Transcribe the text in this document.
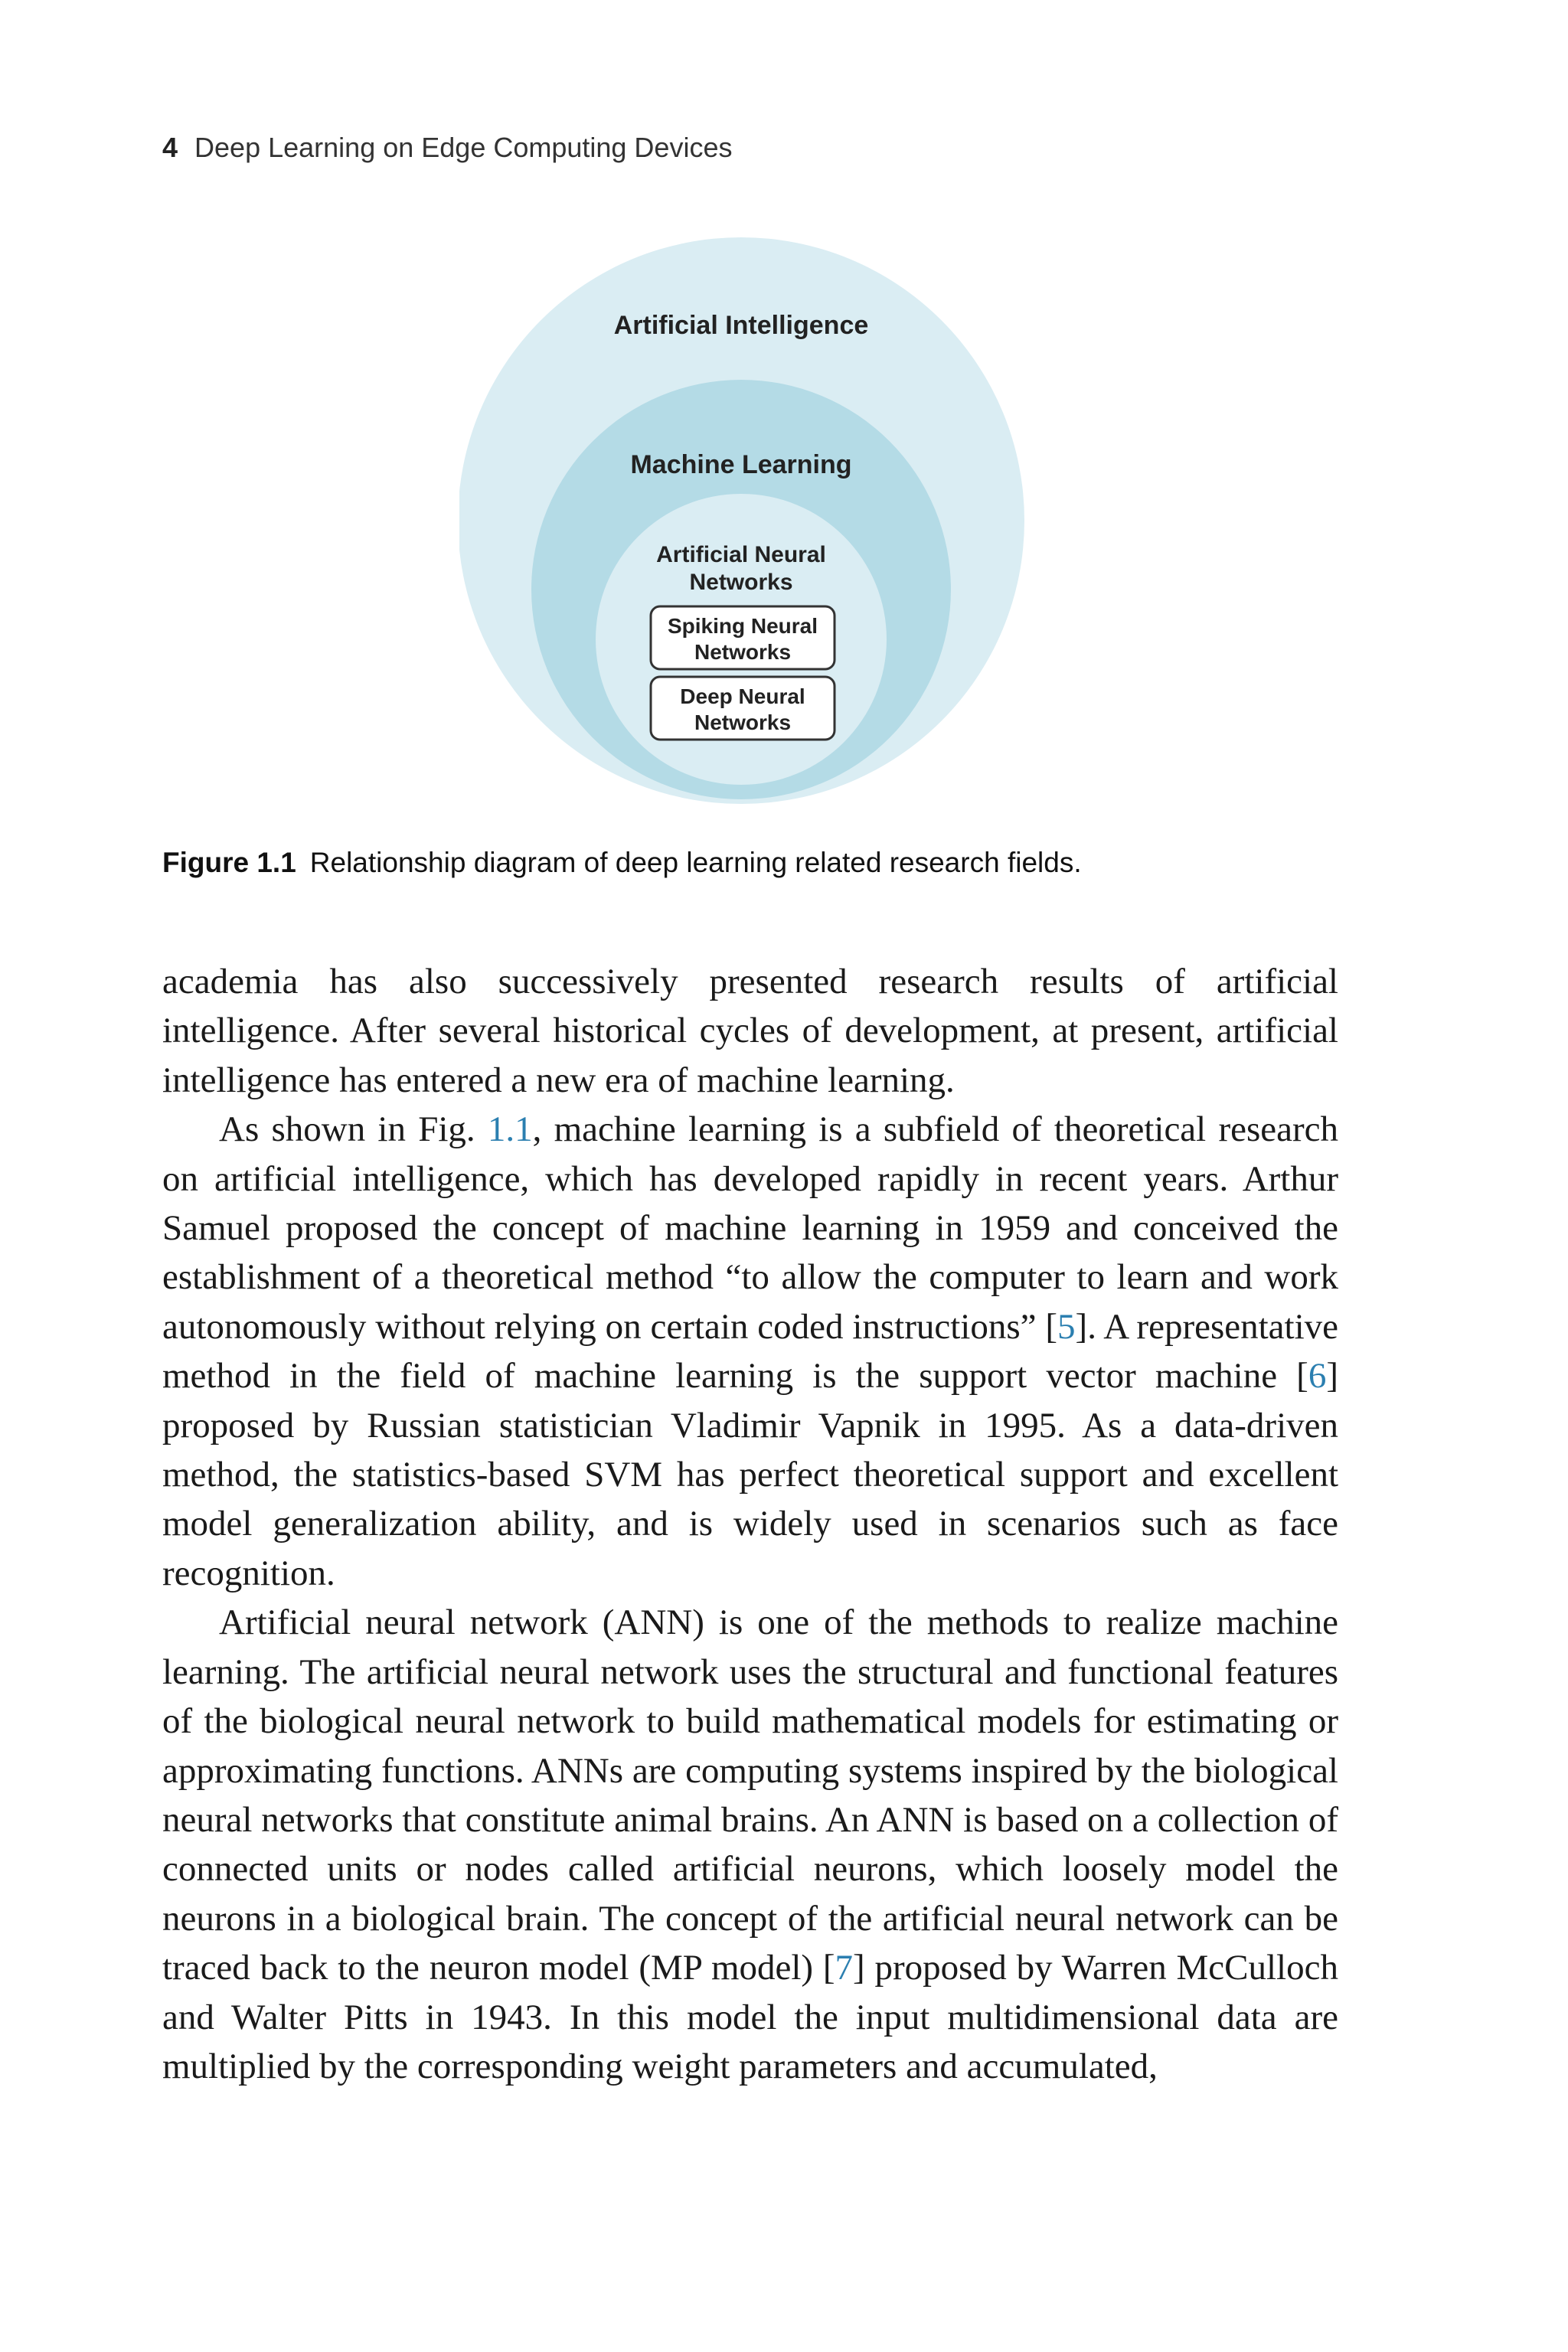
4 Deep Learning on Edge Computing Devices
Artificial Intelligence
Machine Learning
Artificial Neural
Networks
Spiking Neural
Networks
Deep Neural
Networks
Figure 1.1 Relationship diagram of deep learning related research fields.

academia has also successively presented research results of artificial intelligence. After several historical cycles of development, at present, artificial intelligence has entered a new era of machine learning.

As shown in Fig. 1.1, machine learning is a subfield of theoretical research on artificial intelligence, which has developed rapidly in recent years. Arthur Samuel proposed the concept of machine learning in 1959 and conceived the establishment of a theoretical method “to allow the computer to learn and work autonomously without relying on certain coded instructions” [5]. A representative method in the field of machine learning is the support vector machine [6] proposed by Russian statistician Vladimir Vapnik in 1995. As a data-driven method, the statistics-based SVM has perfect theoretical support and excellent model generalization ability, and is widely used in scenarios such as face recognition.

Artificial neural network (ANN) is one of the methods to realize machine learning. The artificial neural network uses the structural and functional features of the biological neural network to build mathematical models for estimating or approximating functions. ANNs are computing systems inspired by the biological neural networks that constitute animal brains. An ANN is based on a collection of connected units or nodes called artificial neurons, which loosely model the neurons in a biological brain. The concept of the artificial neural network can be traced back to the neuron model (MP model) [7] proposed by Warren McCulloch and Walter Pitts in 1943. In this model the input multidimensional data are multiplied by the corresponding weight parameters and accumulated,
